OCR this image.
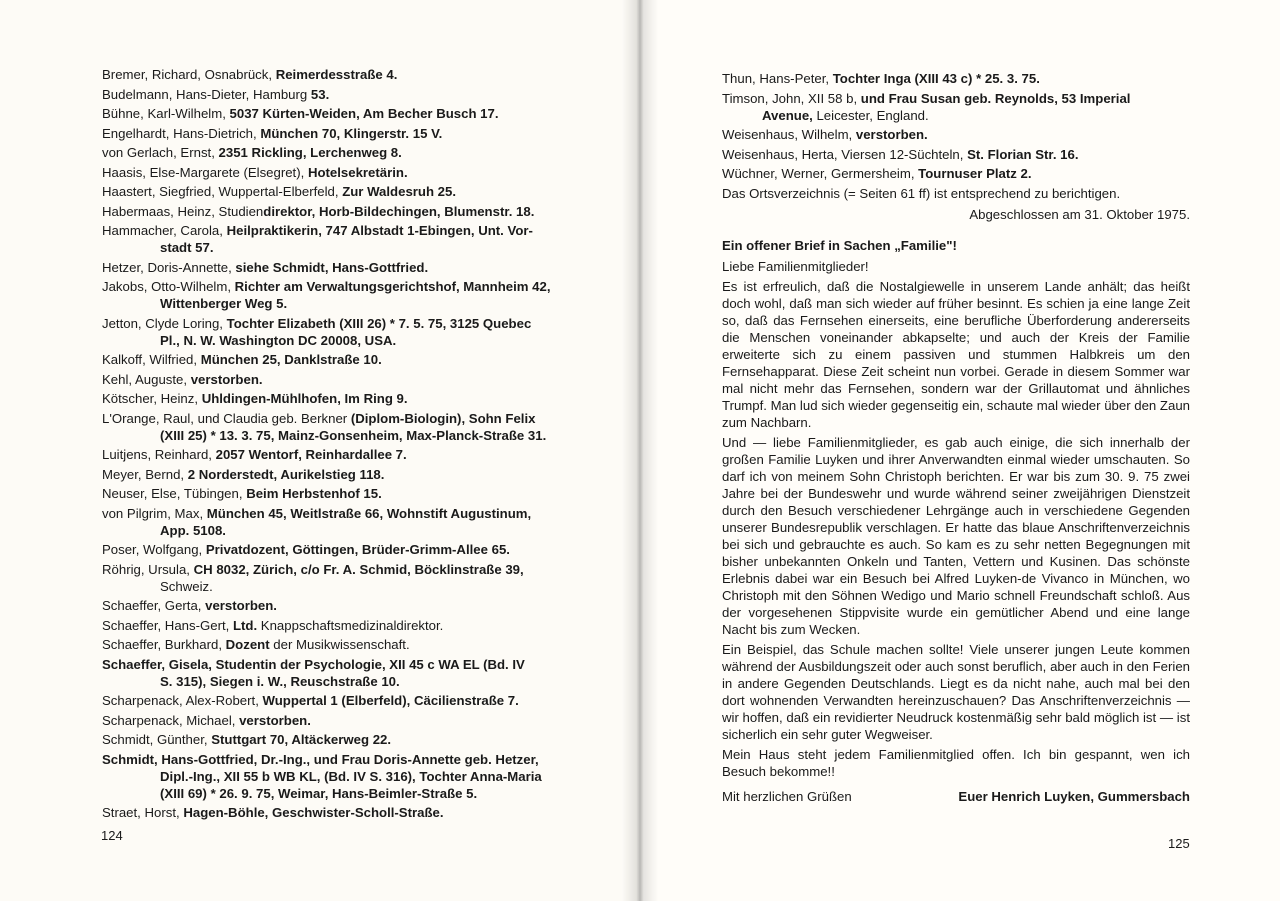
Bremer, Richard, Osnabrück, Reimerdesstraße 4.
Budelmann, Hans-Dieter, Hamburg 53.
Bühne, Karl-Wilhelm, 5037 Kürten-Weiden, Am Becher Busch 17.
Engelhardt, Hans-Dietrich, München 70, Klingerstr. 15 V.
von Gerlach, Ernst, 2351 Rickling, Lerchenweg 8.
Haasis, Else-Margarete (Elsegret), Hotelsekretärin.
Haastert, Siegfried, Wuppertal-Elberfeld, Zur Waldesruh 25.
Habermaas, Heinz, Studiendirektor, Horb-Bildechingen, Blumenstr. 18.
Hammacher, Carola, Heilpraktikerin, 747 Albstadt 1-Ebingen, Unt. Vor-
stadt 57.
Hetzer, Doris-Annette, siehe Schmidt, Hans-Gottfried.
Jakobs, Otto-Wilhelm, Richter am Verwaltungsgerichtshof, Mannheim 42,
Wittenberger Weg 5.
Jetton, Clyde Loring, Tochter Elizabeth (XIII 26) * 7. 5. 75, 3125 Quebec
Pl., N. W. Washington DC 20008, USA.
Kalkoff, Wilfried, München 25, Danklstraße 10.
Kehl, Auguste, verstorben.
Kötscher, Heinz, Uhldingen-Mühlhofen, Im Ring 9.
L'Orange, Raul, und Claudia geb. Berkner (Diplom-Biologin), Sohn Felix
(XIII 25) * 13. 3. 75, Mainz-Gonsenheim, Max-Planck-Straße 31.
Luitjens, Reinhard, 2057 Wentorf, Reinhardallee 7.
Meyer, Bernd, 2 Norderstedt, Aurikelstieg 118.
Neuser, Else, Tübingen, Beim Herbstenhof 15.
von Pilgrim, Max, München 45, Weitlstraße 66, Wohnstift Augustinum,
App. 5108.
Poser, Wolfgang, Privatdozent, Göttingen, Brüder-Grimm-Allee 65.
Röhrig, Ursula, CH 8032, Zürich, c/o Fr. A. Schmid, Böcklinstraße 39,
Schweiz.
Schaeffer, Gerta, verstorben.
Schaeffer, Hans-Gert, Ltd. Knappschaftsmedizinaldirektor.
Schaeffer, Burkhard, Dozent der Musikwissenschaft.
Schaeffer, Gisela, Studentin der Psychologie, XII 45 c WA EL (Bd. IV
S. 315), Siegen i. W., Reuschstraße 10.
Scharpenack, Alex-Robert, Wuppertal 1 (Elberfeld), Cäcilienstraße 7.
Scharpenack, Michael, verstorben.
Schmidt, Günther, Stuttgart 70, Altäckerweg 22.
Schmidt, Hans-Gottfried, Dr.-Ing., und Frau Doris-Annette geb. Hetzer,
Dipl.-Ing., XII 55 b WB KL, (Bd. IV S. 316), Tochter Anna-Maria
(XIII 69) * 26. 9. 75, Weimar, Hans-Beimler-Straße 5.
Straet, Horst, Hagen-Böhle, Geschwister-Scholl-Straße.
124
Thun, Hans-Peter, Tochter Inga (XIII 43 c) * 25. 3. 75.
Timson, John, XII 58 b, und Frau Susan geb. Reynolds, 53 Imperial
Avenue, Leicester, England.
Weisenhaus, Wilhelm, verstorben.
Weisenhaus, Herta, Viersen 12-Süchteln, St. Florian Str. 16.
Wüchner, Werner, Germersheim, Tournuser Platz 2.
Das Ortsverzeichnis (= Seiten 61 ff) ist entsprechend zu berichtigen.
Abgeschlossen am 31. Oktober 1975.
Ein offener Brief in Sachen „Familie"!
Liebe Familienmitglieder!
Es ist erfreulich, daß die Nostalgiewelle in unserem Lande anhält; das heißt doch wohl, daß man sich wieder auf früher besinnt. Es schien ja eine lange Zeit so, daß das Fernsehen einerseits, eine berufliche Überforderung andererseits die Menschen voneinander abkapselte; und auch der Kreis der Familie erweiterte sich zu einem passiven und stummen Halbkreis um den Fernsehapparat. Diese Zeit scheint nun vorbei. Gerade in diesem Sommer war mal nicht mehr das Fernsehen, sondern war der Grillautomat und ähnliches Trumpf. Man lud sich wieder gegenseitig ein, schaute mal wieder über den Zaun zum Nachbarn.
Und — liebe Familienmitglieder, es gab auch einige, die sich innerhalb der großen Familie Luyken und ihrer Anverwandten einmal wieder umschauten. So darf ich von meinem Sohn Christoph berichten. Er war bis zum 30. 9. 75 zwei Jahre bei der Bundeswehr und wurde während seiner zweijährigen Dienstzeit durch den Besuch verschiedener Lehrgänge auch in verschiedene Gegenden unserer Bundesrepublik verschlagen. Er hatte das blaue Anschriftenverzeichnis bei sich und gebrauchte es auch. So kam es zu sehr netten Begegnungen mit bisher unbekannten Onkeln und Tanten, Vettern und Kusinen. Das schönste Erlebnis dabei war ein Besuch bei Alfred Luyken-de Vivanco in München, wo Christoph mit den Söhnen Wedigo und Mario schnell Freundschaft schloß. Aus der vorgesehenen Stippvisite wurde ein gemütlicher Abend und eine lange Nacht bis zum Wecken.
Ein Beispiel, das Schule machen sollte! Viele unserer jungen Leute kommen während der Ausbildungszeit oder auch sonst beruflich, aber auch in den Ferien in andere Gegenden Deutschlands. Liegt es da nicht nahe, auch mal bei den dort wohnenden Verwandten hereinzuschauen? Das Anschriftenverzeichnis — wir hoffen, daß ein revidierter Neudruck kostenmäßig sehr bald möglich ist — ist sicherlich ein sehr guter Wegweiser.
Mein Haus steht jedem Familienmitglied offen. Ich bin gespannt, wen ich Besuch bekomme!!
Mit herzlichen Grüßen	Euer Henrich Luyken, Gummersbach
125
